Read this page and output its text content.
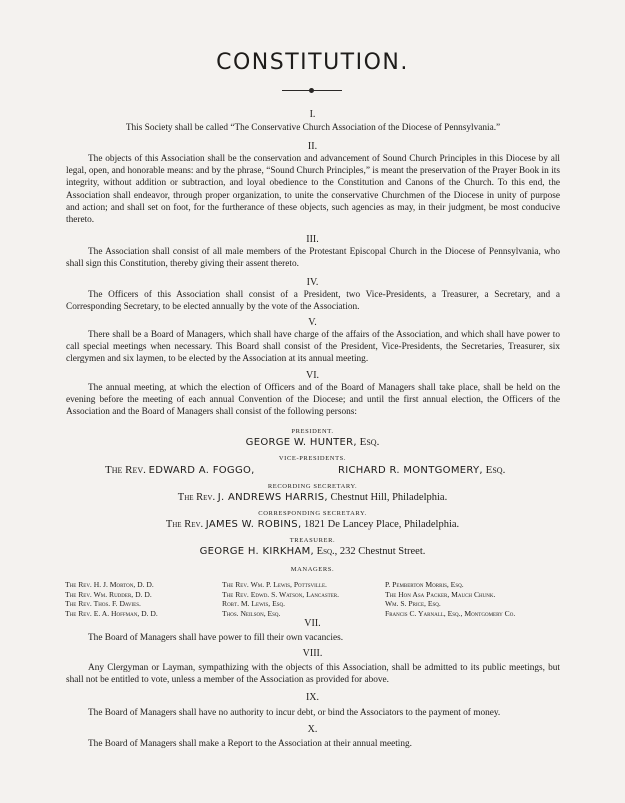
CONSTITUTION.
I.
This Society shall be called “The Conservative Church Association of the Diocese of Pennsylvania.”
II.
The objects of this Association shall be the conservation and advancement of Sound Church Principles in this Diocese by all legal, open, and honorable means: and by the phrase, “Sound Church Principles,” is meant the preservation of the Prayer Book in its integrity, without addition or subtraction, and loyal obedience to the Constitution and Canons of the Church. To this end, the Association shall endeavor, through proper organization, to unite the conservative Churchmen of the Diocese in unity of purpose and action; and shall set on foot, for the furtherance of these objects, such agencies as may, in their judgment, be most conducive thereto.
III.
The Association shall consist of all male members of the Protestant Episcopal Church in the Diocese of Pennsylvania, who shall sign this Constitution, thereby giving their assent thereto.
IV.
The Officers of this Association shall consist of a President, two Vice-Presidents, a Treasurer, a Secretary, and a Corresponding Secretary, to be elected annually by the vote of the Association.
V.
There shall be a Board of Managers, which shall have charge of the affairs of the Association, and which shall have power to call special meetings when necessary. This Board shall consist of the President, Vice-Presidents, the Secretaries, Treasurer, six clergymen and six laymen, to be elected by the Association at its annual meeting.
VI.
The annual meeting, at which the election of Officers and of the Board of Managers shall take place, shall be held on the evening before the meeting of each annual Convention of the Diocese; and until the first annual election, the Officers of the Association and the Board of Managers shall consist of the following persons:
PRESIDENT.
GEORGE W. HUNTER, Esq.
VICE-PRESIDENTS.
The Rev. EDWARD A. FOGGO,	RICHARD R. MONTGOMERY, Esq.
RECORDING SECRETARY.
The Rev. J. ANDREWS HARRIS, Chestnut Hill, Philadelphia.
CORRESPONDING SECRETARY.
The Rev. JAMES W. ROBINS, 1821 De Lancey Place, Philadelphia.
TREASURER.
GEORGE H. KIRKHAM, Esq., 232 Chestnut Street.
MANAGERS.
The Rev. H. J. Morton, D. D.
The Rev. Wm. Rudder, D. D.
The Rev. Thos. F. Davies.
The Rev. E. A. Hoffman, D. D.
The Rev. Wm. P. Lewis, Pottsville.
The Rev. Edwd. S. Watson, Lancaster.
Robt. M. Lewis, Esq.
Thos. Neilson, Esq.
P. Pemberton Morris, Esq.
The Hon Asa Packer, Mauch Chunk.
Wm. S. Price, Esq.
Francis C. Yarnall, Esq., Montgomery Co.
VII.
The Board of Managers shall have power to fill their own vacancies.
VIII.
Any Clergyman or Layman, sympathizing with the objects of this Association, shall be admitted to its public meetings, but shall not be entitled to vote, unless a member of the Association as provided for above.
IX.
The Board of Managers shall have no authority to incur debt, or bind the Associators to the payment of money.
X.
The Board of Managers shall make a Report to the Association at their annual meeting.
